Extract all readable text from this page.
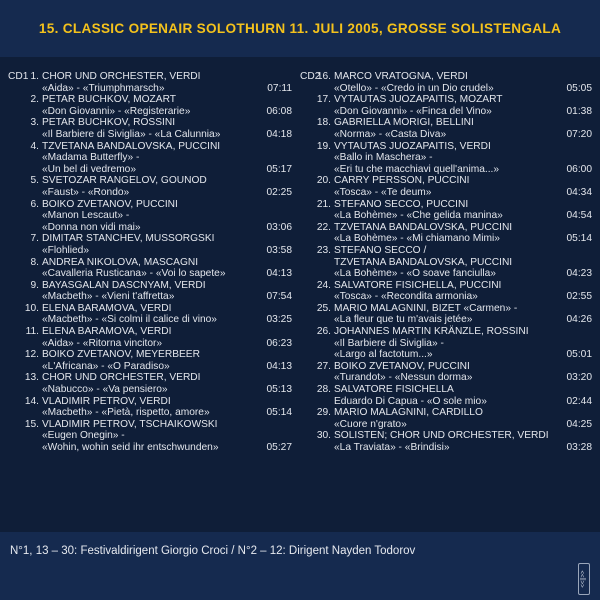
15. CLASSIC OPENAIR SOLOTHURN 11. JULI 2005, GROSSE SOLISTENGALA
CD1 1. CHOR UND ORCHESTER, VERDI
«Aida» - «Triumphmarsch»	07:11
2. PETAR BUCHKOV, MOZART
«Don Giovanni» - «Registerarie»	06:08
3. PETAR BUCHKOV, ROSSINI
«Il Barbiere di Siviglia» - «La Calunnia»	04:18
4. TZVETANA BANDALOVSKA, PUCCINI
«Madama Butterfly» -
«Un bel di vedremo»	05:17
5. SVETOZAR RANGELOV, GOUNOD
«Faust» - «Rondo»	02:25
6. BOIKO ZVETANOV, PUCCINI
«Manon Lescaut» -
«Donna non vidi mai»	03:06
7. DIMITAR STANCHEV, MUSSORGSKI
«Flohlied»	03:58
8. ANDREA NIKOLOVA, MASCAGNI
«Cavalleria Rusticana» - «Voi lo sapete»	04:13
9. BAYASGALAN DASCNYAM, VERDI
«Macbeth» - «Vieni t'affretta»	07:54
10. ELENA BARAMOVA, VERDI
«Macbeth» - «Si colmi il calice di vino»	03:25
11. ELENA BARAMOVA, VERDI
«Aida» - «Ritorna vincitor»	06:23
12. BOIKO ZVETANOV, MEYERBEER
«L'Africana» - «O Paradiso»	04:13
13. CHOR UND ORCHESTER, VERDI
«Nabucco» - «Va pensiero»	05:13
14. VLADIMIR PETROV, VERDI
«Macbeth» - «Pietà, rispetto, amore»	05:14
15. VLADIMIR PETROV, TSCHAIKOWSKI
«Eugen Onegin» -
«Wohin, wohin seid ihr entschwunden»	05:27
CD2
16. MARCO VRATOGNA, VERDI
«Otello» - «Credo in un Dio crudel»	05:05
17. VYTAUTAS JUOZAPAITIS, MOZART
«Don Giovanni» - «Finca del Vino»	01:38
18. GABRIELLA MORIGI, BELLINI
«Norma» - «Casta Diva»	07:20
19. VYTAUTAS JUOZAPAITIS, VERDI
«Ballo in Maschera» -
«Eri tu che macchiavi quell'anima...»	06:00
20. CARRY PERSSON, PUCCINI
«Tosca» - «Te deum»	04:34
21. STEFANO SECCO, PUCCINI
«La Bohème» - «Che gelida manina»	04:54
22. TZVETANA BANDALOVSKA, PUCCINI
«La Bohème» - «Mi chiamano Mimi»	05:14
23. STEFANO SECCO /
TZVETANA BANDALOVSKA, PUCCINI
«La Bohème» - «O soave fanciulla»	04:23
24. SALVATORE FISICHELLA, PUCCINI
«Tosca» - «Recondita armonia»	02:55
25. MARIO MALAGNINI, BIZET «Carmen» -
«La fleur que tu m'avais jetée»	04:26
26. JOHANNES MARTIN KRÄNZLE, ROSSINI
«Il Barbiere di Siviglia» -
«Largo al factotum...»	05:01
27. BOIKO ZVETANOV, PUCCINI
«Turandot» - «Nessun dorma»	03:20
28. SALVATORE FISICHELLA
Eduardo Di Capua - «O sole mio»	02:44
29. MARIO MALAGNINI, CARDILLO
«Cuore n'grato»	04:25
30. SOLISTEN; CHOR UND ORCHESTER, VERDI
«La Traviata» - «Brindisi»	03:28
N°1, 13 – 30: Festivaldirigent Giorgio Croci / N°2 – 12: Dirigent Nayden Todorov
<<||>>
